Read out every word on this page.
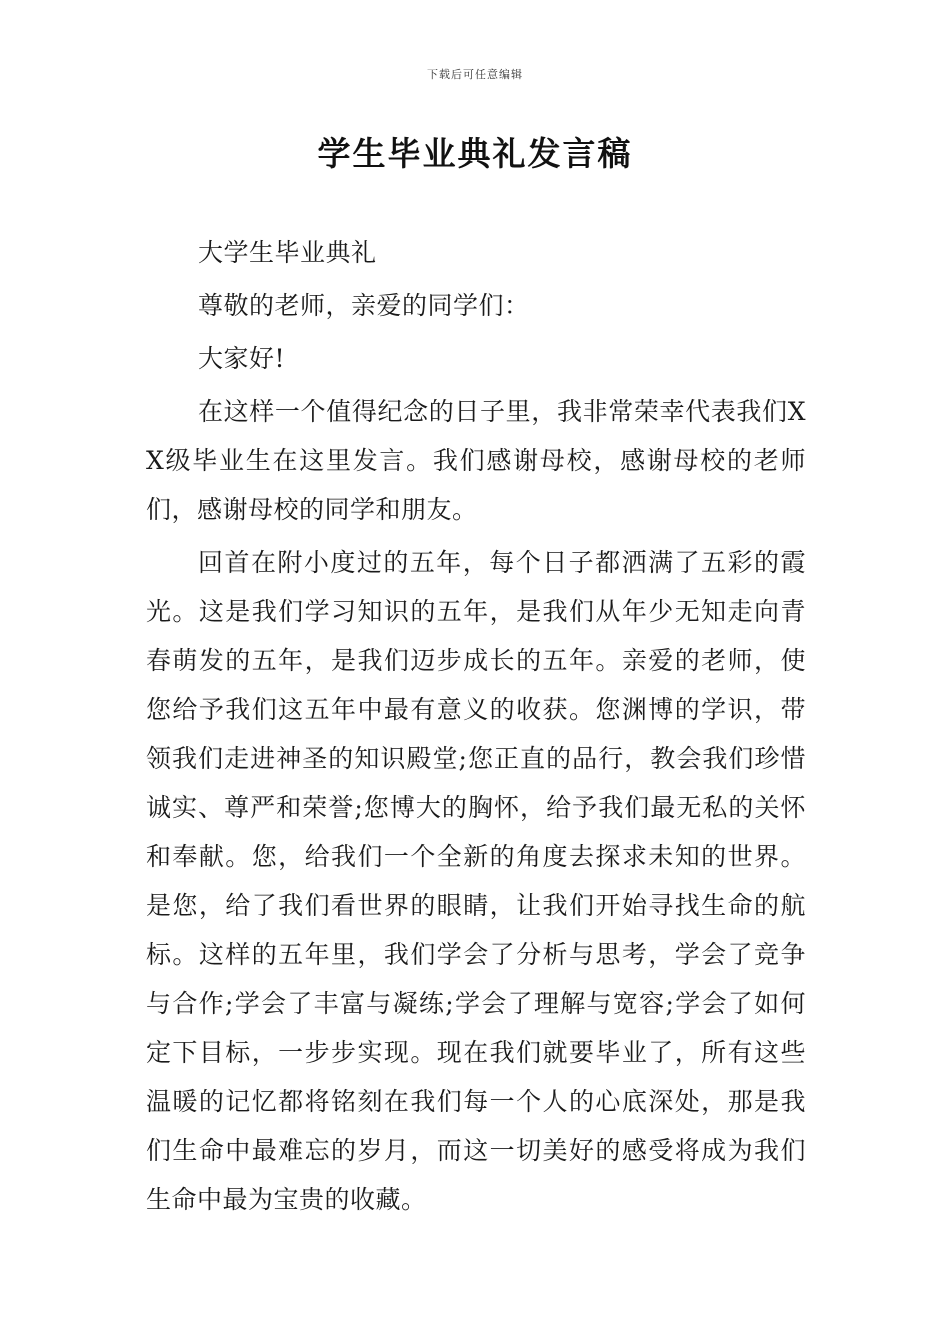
下载后可任意编辑
学生毕业典礼发言稿

大学生毕业典礼

尊敬的老师，亲爱的同学们：

大家好!

在这样一个值得纪念的日子里，我非常荣幸代表我们XX级毕业生在这里发言。我们感谢母校，感谢母校的老师们，感谢母校的同学和朋友。

回首在附小度过的五年，每个日子都洒满了五彩的霞光。这是我们学习知识的五年，是我们从年少无知走向青春萌发的五年，是我们迈步成长的五年。亲爱的老师，使您给予我们这五年中最有意义的收获。您渊博的学识，带领我们走进神圣的知识殿堂;您正直的品行，教会我们珍惜诚实、尊严和荣誉;您博大的胸怀，给予我们最无私的关怀和奉献。您，给我们一个全新的角度去探求未知的世界。是您，给了我们看世界的眼睛，让我们开始寻找生命的航标。这样的五年里，我们学会了分析与思考，学会了竞争与合作;学会了丰富与凝练;学会了理解与宽容;学会了如何定下目标，一步步实现。现在我们就要毕业了，所有这些温暖的记忆都将铭刻在我们每一个人的心底深处，那是我们生命中最难忘的岁月，而这一切美好的感受将成为我们生命中最为宝贵的收藏。
